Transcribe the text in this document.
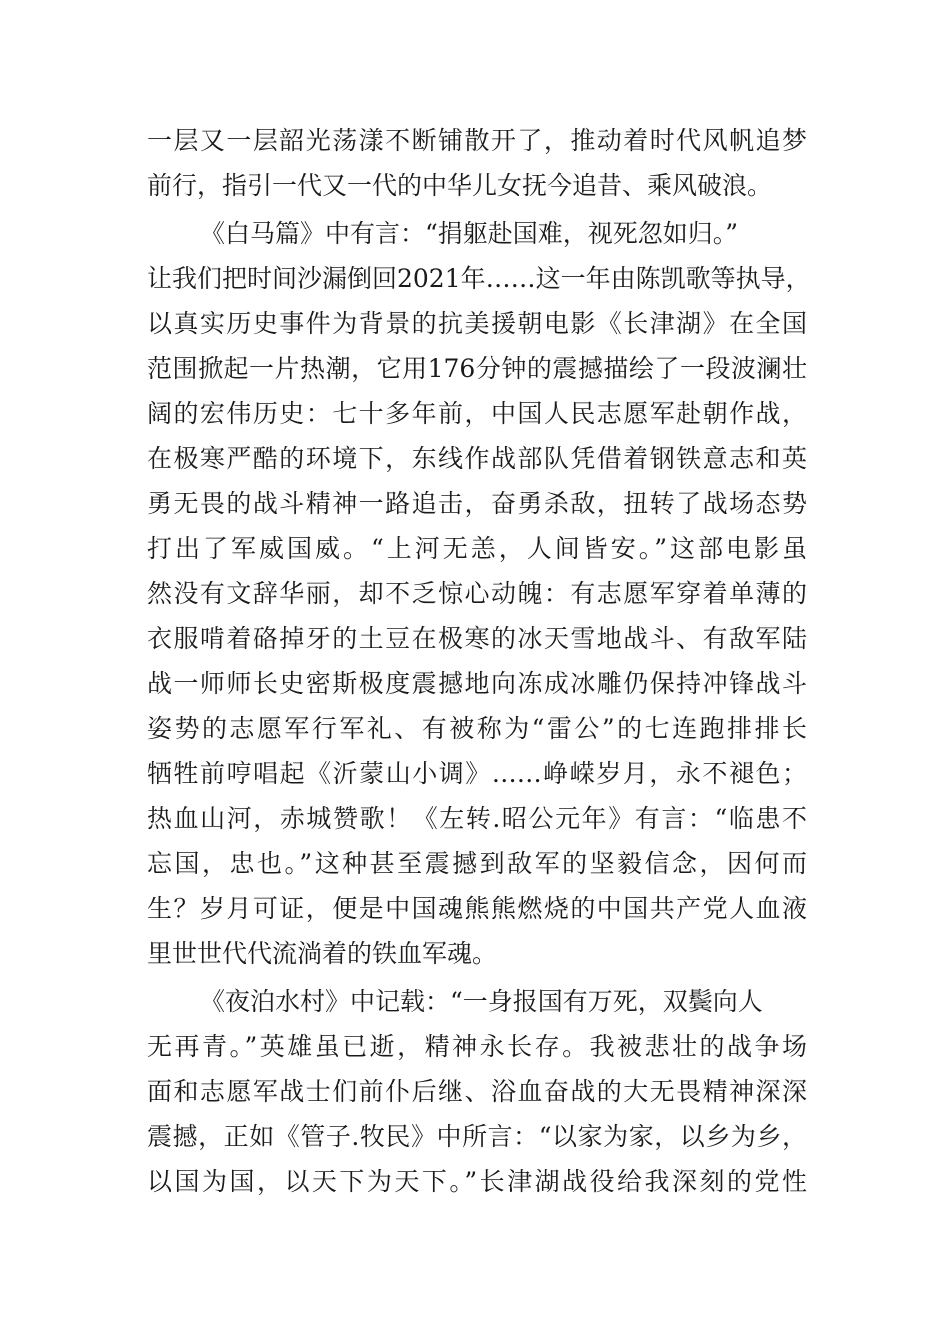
一层又一层韶光荡漾不断铺散开了，推动着时代风帆追梦
前行，指引一代又一代的中华儿女抚今追昔、乘风破浪。
《白马篇》中有言：“捐躯赴国难，视死忽如归。”
让我们把时间沙漏倒回2021年……这一年由陈凯歌等执导，
以真实历史事件为背景的抗美援朝电影《长津湖》在全国
范围掀起一片热潮，它用176分钟的震撼描绘了一段波澜壮
阔的宏伟历史：七十多年前，中国人民志愿军赴朝作战，
在极寒严酷的环境下，东线作战部队凭借着钢铁意志和英
勇无畏的战斗精神一路追击，奋勇杀敌，扭转了战场态势
打出了军威国威。“上河无恙，人间皆安。”这部电影虽
然没有文辞华丽，却不乏惊心动魄：有志愿军穿着单薄的
衣服啃着硌掉牙的土豆在极寒的冰天雪地战斗、有敌军陆
战一师师长史密斯极度震撼地向冻成冰雕仍保持冲锋战斗
姿势的志愿军行军礼、有被称为“雷公”的七连跑排排长
牺牲前哼唱起《沂蒙山小调》……峥嵘岁月，永不褪色；
热血山河，赤城赞歌！《左转.昭公元年》有言：“临患不
忘国，忠也。”这种甚至震撼到敌军的坚毅信念，因何而
生？岁月可证，便是中国魂熊熊燃烧的中国共产党人血液
里世世代代流淌着的铁血军魂。
《夜泊水村》中记载：“一身报国有万死，双鬓向人
无再青。”英雄虽已逝，精神永长存。我被悲壮的战争场
面和志愿军战士们前仆后继、浴血奋战的大无畏精神深深
震撼，正如《管子.牧民》中所言：“以家为家，以乡为乡，
以国为国，以天下为天下。”长津湖战役给我深刻的党性
